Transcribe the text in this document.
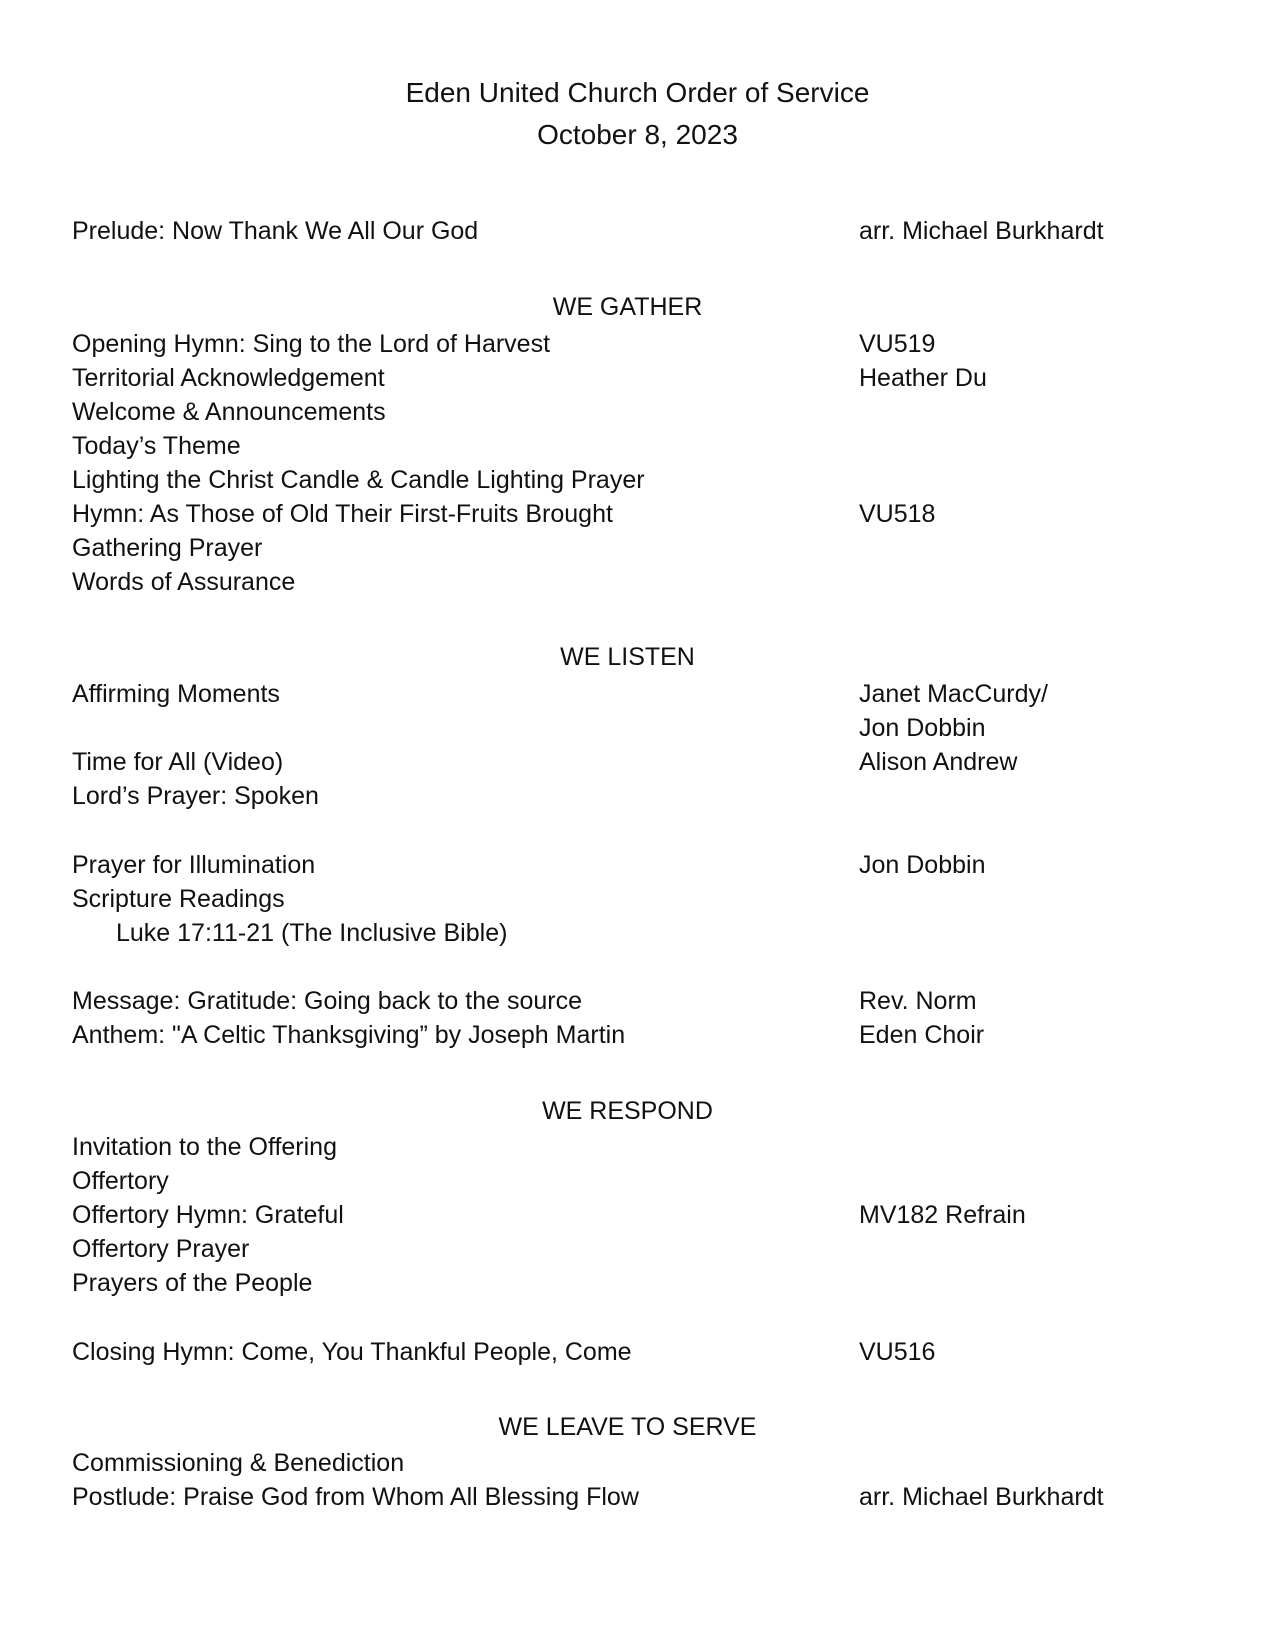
Eden United Church Order of Service
October 8, 2023
Prelude: Now Thank We All Our God	arr. Michael Burkhardt
WE GATHER
Opening Hymn: Sing to the Lord of Harvest	VU519
Territorial Acknowledgement	Heather Du
Welcome & Announcements
Today’s Theme
Lighting the Christ Candle & Candle Lighting Prayer
Hymn: As Those of Old Their First-Fruits Brought	VU518
Gathering Prayer
Words of Assurance
WE LISTEN
Affirming Moments	Janet MacCurdy/
Jon Dobbin
Time for All (Video)	Alison Andrew
Lord’s Prayer: Spoken
Prayer for Illumination	Jon Dobbin
Scripture Readings
Luke 17:11-21 (The Inclusive Bible)
Message: Gratitude: Going back to the source	Rev. Norm
Anthem: "A Celtic Thanksgiving” by Joseph Martin	Eden Choir
WE RESPOND
Invitation to the Offering
Offertory
Offertory Hymn: Grateful	MV182 Refrain
Offertory Prayer
Prayers of the People
Closing Hymn: Come, You Thankful People, Come	VU516
WE LEAVE TO SERVE
Commissioning & Benediction
Postlude: Praise God from Whom All Blessing Flow	arr. Michael Burkhardt
